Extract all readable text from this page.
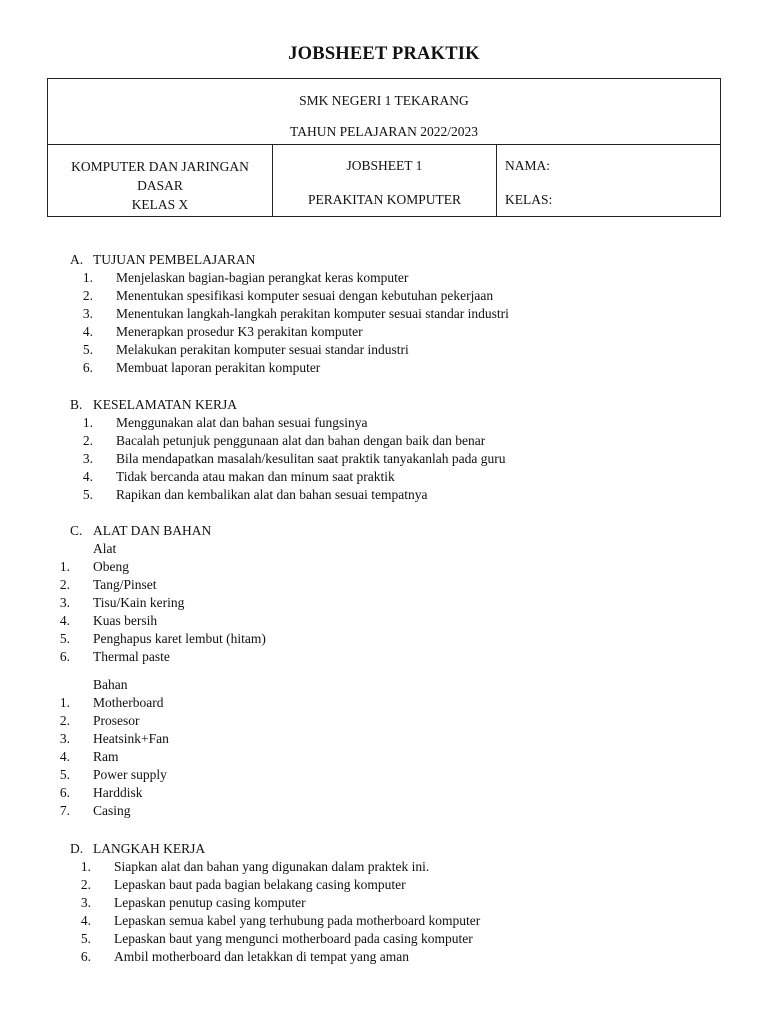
JOBSHEET PRAKTIK
SMK NEGERI 1 TEKARANG
TAHUN PELAJARAN 2022/2023
KOMPUTER DAN JARINGAN
DASAR
KELAS X
JOBSHEET 1
PERAKITAN KOMPUTER
NAMA:
KELAS:
A. TUJUAN PEMBELAJARAN
1. Menjelaskan bagian-bagian perangkat keras komputer
2. Menentukan spesifikasi komputer sesuai dengan kebutuhan pekerjaan
3. Menentukan langkah-langkah perakitan komputer sesuai standar industri
4. Menerapkan prosedur K3 perakitan komputer
5. Melakukan perakitan komputer sesuai standar industri
6. Membuat laporan perakitan komputer
B. KESELAMATAN KERJA
1. Menggunakan alat dan bahan sesuai fungsinya
2. Bacalah petunjuk penggunaan alat dan bahan dengan baik dan benar
3. Bila mendapatkan masalah/kesulitan saat praktik tanyakanlah pada guru
4. Tidak bercanda atau makan dan minum saat praktik
5. Rapikan dan kembalikan alat dan bahan sesuai tempatnya
C. ALAT DAN BAHAN
Alat
1. Obeng
2. Tang/Pinset
3. Tisu/Kain kering
4. Kuas bersih
5. Penghapus karet lembut (hitam)
6. Thermal paste
Bahan
1. Motherboard
2. Prosesor
3. Heatsink+Fan
4. Ram
5. Power supply
6. Harddisk
7. Casing
D. LANGKAH KERJA
1. Siapkan alat dan bahan yang digunakan dalam praktek ini.
2. Lepaskan baut pada bagian belakang casing komputer
3. Lepaskan penutup casing komputer
4. Lepaskan semua kabel yang terhubung pada motherboard komputer
5. Lepaskan baut yang mengunci motherboard pada casing komputer
6. Ambil motherboard dan letakkan di tempat yang aman
